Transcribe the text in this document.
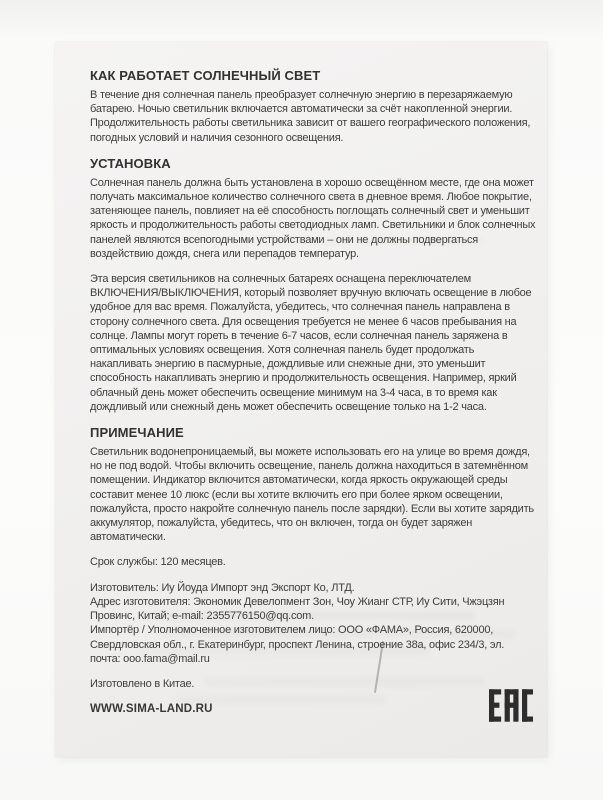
КАК РАБОТАЕТ СОЛНЕЧНЫЙ СВЕТ

В течение дня солнечная панель преобразует солнечную энергию в перезаряжаемую батарею. Ночью светильник включается автоматически за счёт накопленной энергии. Продолжительность работы светильника зависит от вашего географического положения, погодных условий и наличия сезонного освещения.

УСТАНОВКА

Солнечная панель должна быть установлена в хорошо освещённом месте, где она может получать максимальное количество солнечного света в дневное время. Любое покрытие, затеняющее панель, повлияет на её способность поглощать солнечный свет и уменьшит яркость и продолжительность работы светодиодных ламп. Светильники и блок солнечных панелей являются всепогодными устройствами – они не должны подвергаться воздействию дождя, снега или перепадов температур.

Эта версия светильников на солнечных батареях оснащена переключателем ВКЛЮЧЕНИЯ/ВЫКЛЮЧЕНИЯ, который позволяет вручную включать освещение в любое удобное для вас время. Пожалуйста, убедитесь, что солнечная панель направлена в сторону солнечного света. Для освещения требуется не менее 6 часов пребывания на солнце. Лампы могут гореть в течение 6-7 часов, если солнечная панель заряжена в оптимальных условиях освещения. Хотя солнечная панель будет продолжать накапливать энергию в пасмурные, дождливые или снежные дни, это уменьшит способность накапливать энергию и продолжительность освещения. Например, яркий облачный день может обеспечить освещение минимум на 3-4 часа, в то время как дождливый или снежный день может обеспечить освещение только на 1-2 часа.

ПРИМЕЧАНИЕ

Светильник водонепроницаемый, вы можете использовать его на улице во время дождя, но не под водой. Чтобы включить освещение, панель должна находиться в затемнённом помещении. Индикатор включится автоматически, когда яркость окружающей среды составит менее 10 люкс (если вы хотите включить его при более ярком освещении, пожалуйста, просто накройте солнечную панель после зарядки). Если вы хотите зарядить аккумулятор, пожалуйста, убедитесь, что он включен, тогда он будет заряжен автоматически.

Срок службы: 120 месяцев.

Изготовитель: Иу Йоуда Импорт энд Экспорт Ко, ЛТД.
Адрес изготовителя: Экономик Девелопмент Зон, Чоу Жианг СТР, Иу Сити, Чжэцзян Провинс, Китай; e-mail: 2355776150@qq.com.
Импортёр / Уполномоченное изготовителем лицо: ООО «ФАМА», Россия, 620000, Свердловская обл., г. Екатеринбург, проспект Ленина, строение 38а, офис 234/3, эл. почта: ooo.fama@mail.ru

Изготовлено в Китае.

WWW.SIMA-LAND.RU
